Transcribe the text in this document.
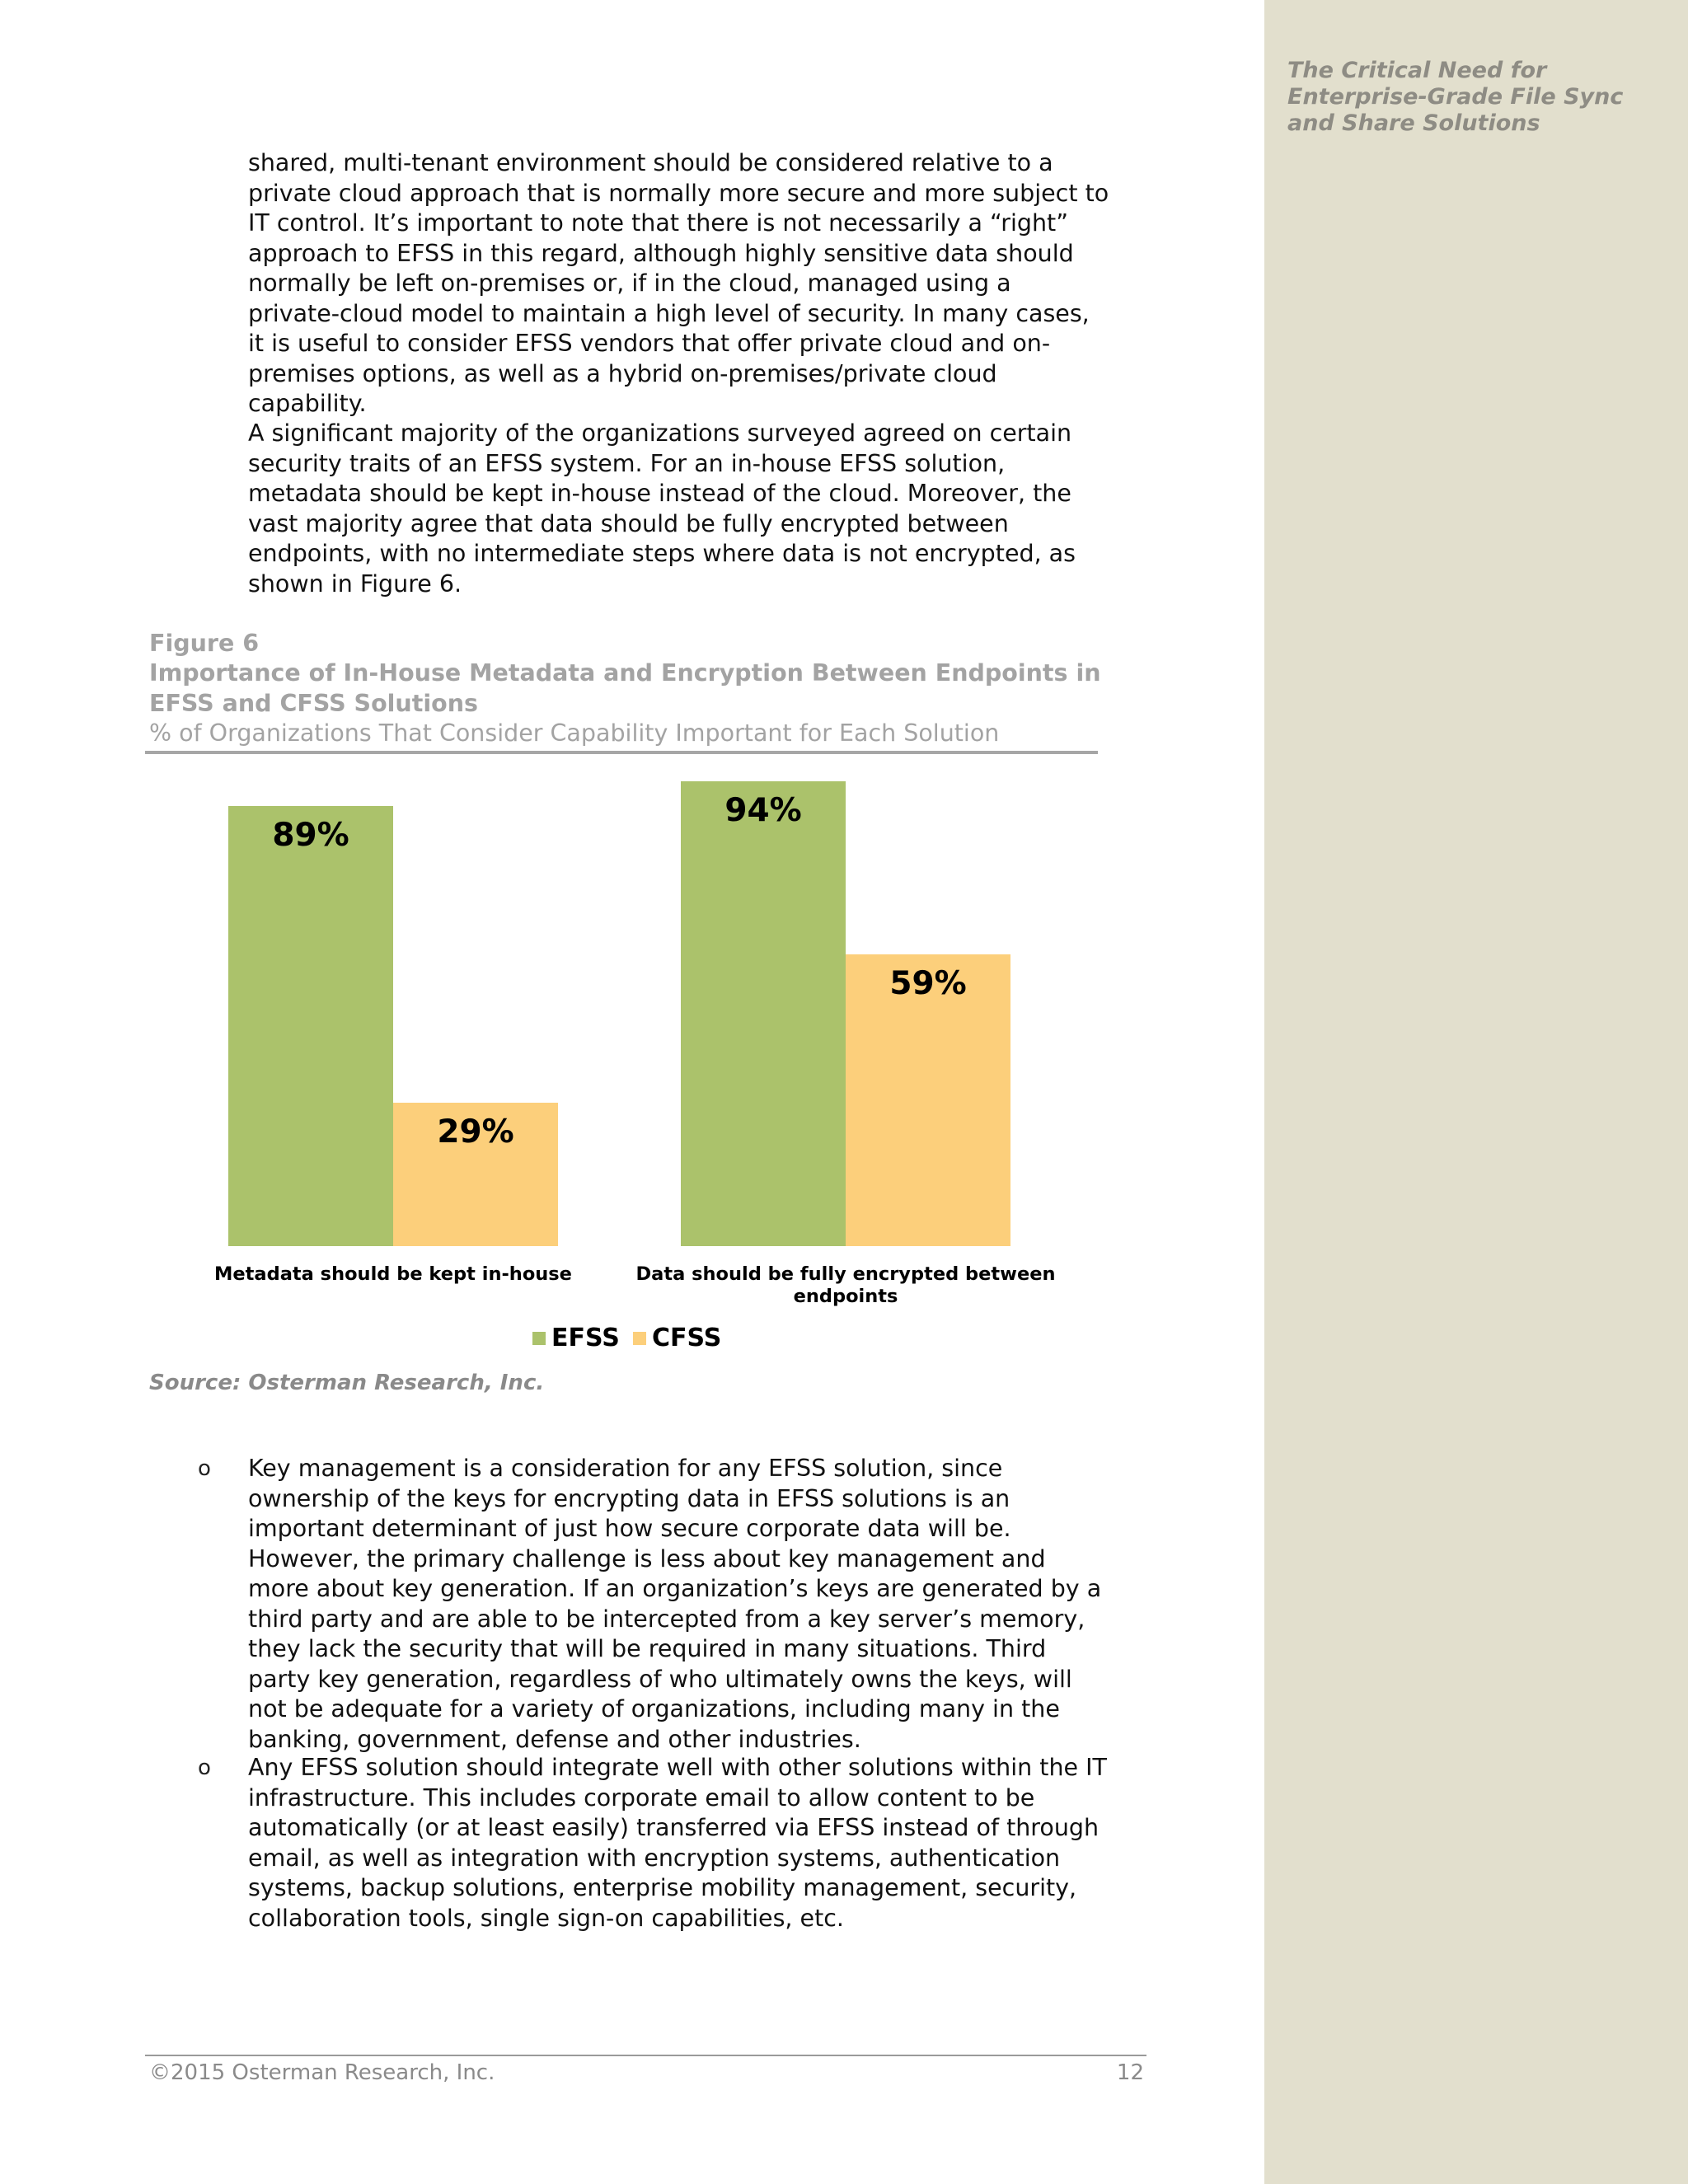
The Critical Need for Enterprise-Grade File Sync and Share Solutions

shared, multi-tenant environment should be considered relative to a private cloud approach that is normally more secure and more subject to IT control. It’s important to note that there is not necessarily a “right” approach to EFSS in this regard, although highly sensitive data should normally be left on-premises or, if in the cloud, managed using a private-cloud model to maintain a high level of security. In many cases, it is useful to consider EFSS vendors that offer private cloud and on-premises options, as well as a hybrid on-premises/private cloud capability.

A significant majority of the organizations surveyed agreed on certain security traits of an EFSS system. For an in-house EFSS solution, metadata should be kept in-house instead of the cloud. Moreover, the vast majority agree that data should be fully encrypted between endpoints, with no intermediate steps where data is not encrypted, as shown in Figure 6.

Figure 6

Importance of In-House Metadata and Encryption Between Endpoints in EFSS and CFSS Solutions

% of Organizations That Consider Capability Important for Each Solution

89%
94%
29%
59%
Metadata should be kept in-house	Data should be fully encrypted between
endpoints
EFSS CFSS

Source: Osterman Research, Inc.

o Key management is a consideration for any EFSS solution, since ownership of the keys for encrypting data in EFSS solutions is an important determinant of just how secure corporate data will be. However, the primary challenge is less about key management and more about key generation. If an organization’s keys are generated by a third party and are able to be intercepted from a key server’s memory, they lack the security that will be required in many situations. Third party key generation, regardless of who ultimately owns the keys, will not be adequate for a variety of organizations, including many in the banking, government, defense and other industries.

o Any EFSS solution should integrate well with other solutions within the IT infrastructure. This includes corporate email to allow content to be automatically (or at least easily) transferred via EFSS instead of through email, as well as integration with encryption systems, authentication systems, backup solutions, enterprise mobility management, security, collaboration tools, single sign-on capabilities, etc.

©2015 Osterman Research, Inc.	12
